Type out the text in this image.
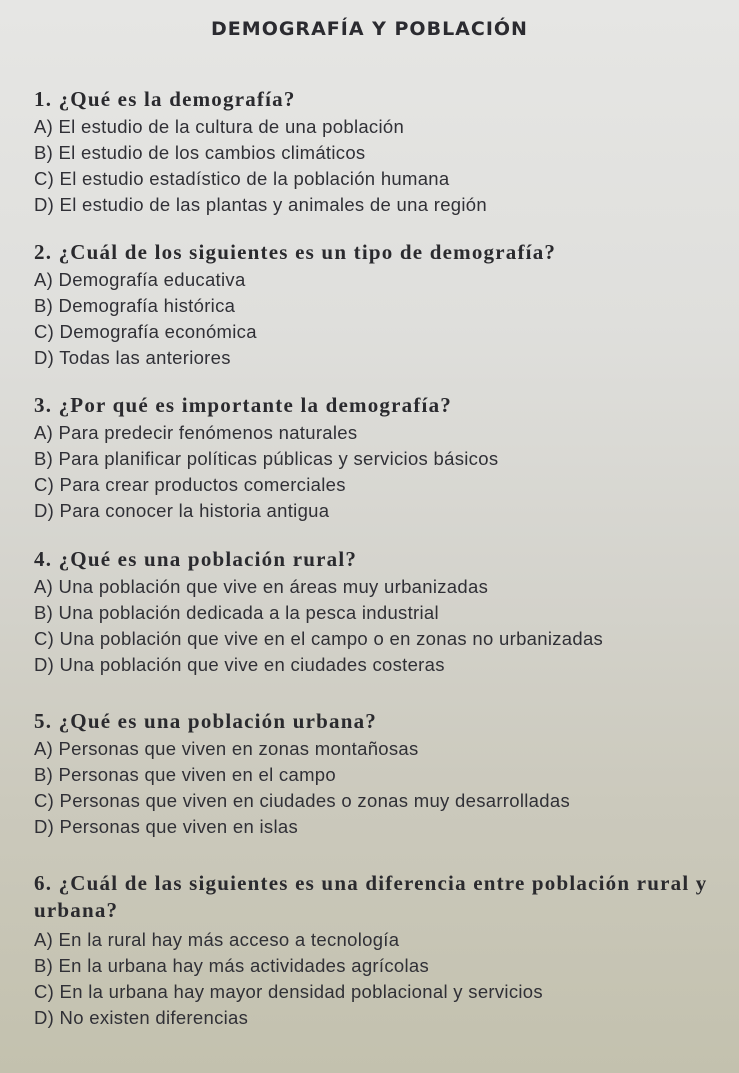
DEMOGRAFÍA Y POBLACIÓN
1. ¿Qué es la demografía?
A) El estudio de la cultura de una población
B) El estudio de los cambios climáticos
C) El estudio estadístico de la población humana
D) El estudio de las plantas y animales de una región
2. ¿Cuál de los siguientes es un tipo de demografía?
A) Demografía educativa
B) Demografía histórica
C) Demografía económica
D) Todas las anteriores
3. ¿Por qué es importante la demografía?
A) Para predecir fenómenos naturales
B) Para planificar políticas públicas y servicios básicos
C) Para crear productos comerciales
D) Para conocer la historia antigua
4. ¿Qué es una población rural?
A) Una población que vive en áreas muy urbanizadas
B) Una población dedicada a la pesca industrial
C) Una población que vive en el campo o en zonas no urbanizadas
D) Una población que vive en ciudades costeras
5. ¿Qué es una población urbana?
A) Personas que viven en zonas montañosas
B) Personas que viven en el campo
C) Personas que viven en ciudades o zonas muy desarrolladas
D) Personas que viven en islas
6. ¿Cuál de las siguientes es una diferencia entre población rural y urbana?
A) En la rural hay más acceso a tecnología
B) En la urbana hay más actividades agrícolas
C) En la urbana hay mayor densidad poblacional y servicios
D) No existen diferencias
